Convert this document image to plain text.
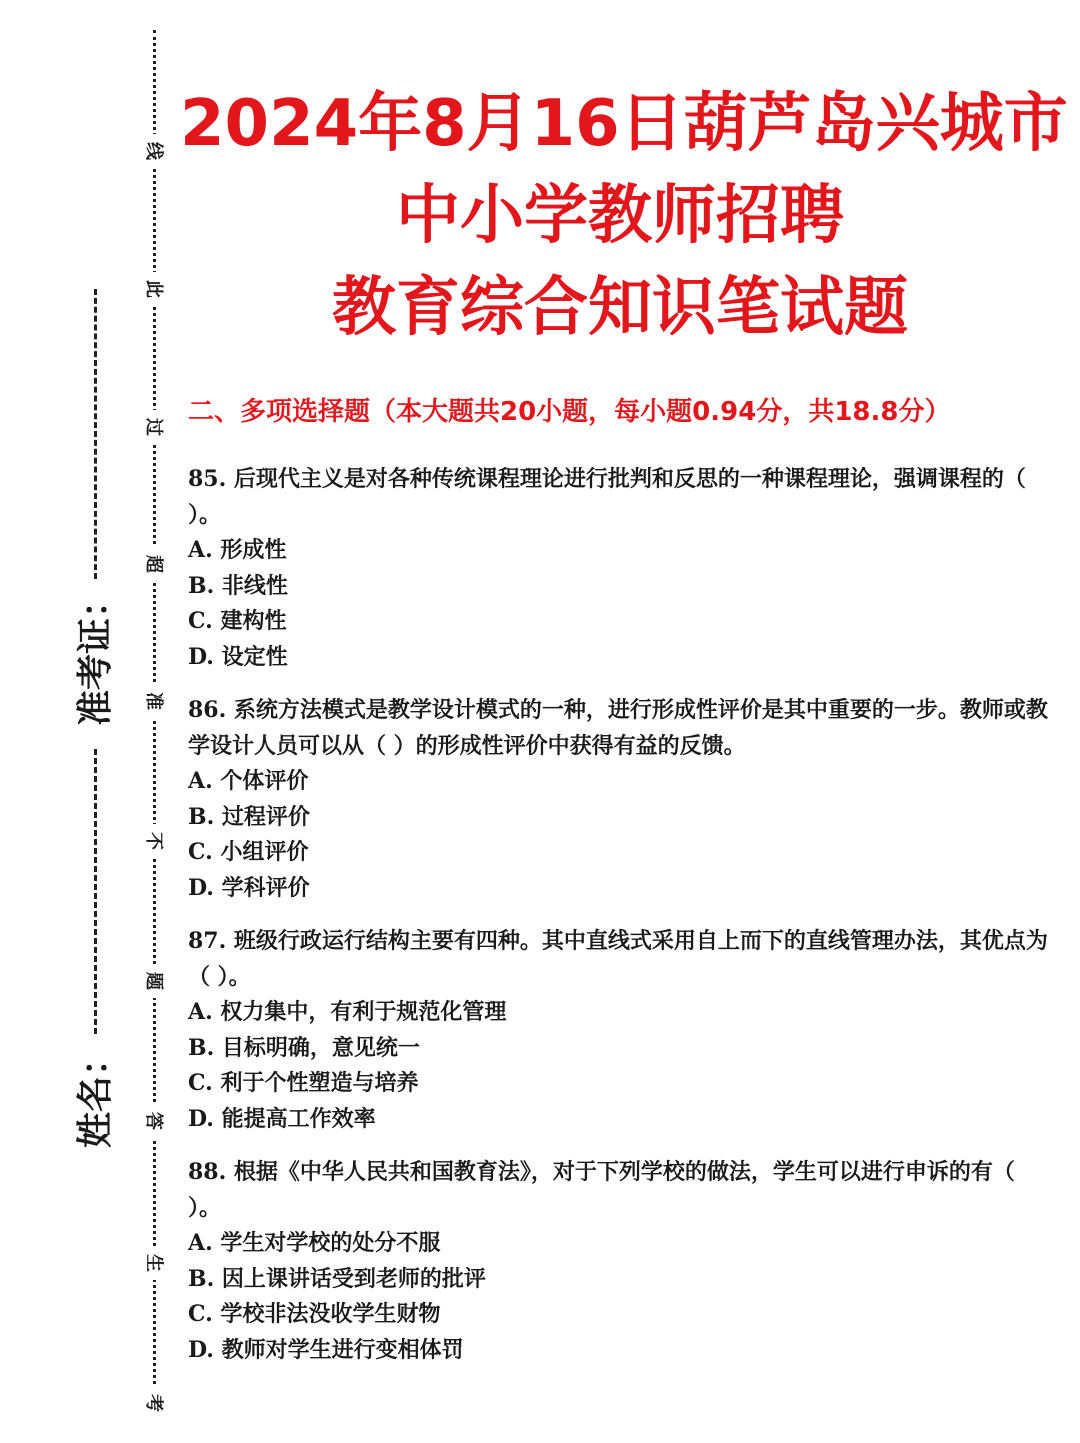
线
此
过
超
准
不
题
答
生
考
准考证：
姓名：
2024年8月16日葫芦岛兴城市
中小学教师招聘
教育综合知识笔试题
二、多项选择题（本大题共20小题，每小题0.94分，共18.8分）
85. 后现代主义是对各种传统课程理论进行批判和反思的一种课程理论，强调课程的（ ）。
A. 形成性
B. 非线性
C. 建构性
D. 设定性
86. 系统方法模式是教学设计模式的一种，进行形成性评价是其中重要的一步。教师或教学设计人员可以从（ ）的形成性评价中获得有益的反馈。
A. 个体评价
B. 过程评价
C. 小组评价
D. 学科评价
87. 班级行政运行结构主要有四种。其中直线式采用自上而下的直线管理办法，其优点为（ ）。
A. 权力集中，有利于规范化管理
B. 目标明确，意见统一
C. 利于个性塑造与培养
D. 能提高工作效率
88. 根据《中华人民共和国教育法》，对于下列学校的做法，学生可以进行申诉的有（ ）。
A. 学生对学校的处分不服
B. 因上课讲话受到老师的批评
C. 学校非法没收学生财物
D. 教师对学生进行变相体罚
